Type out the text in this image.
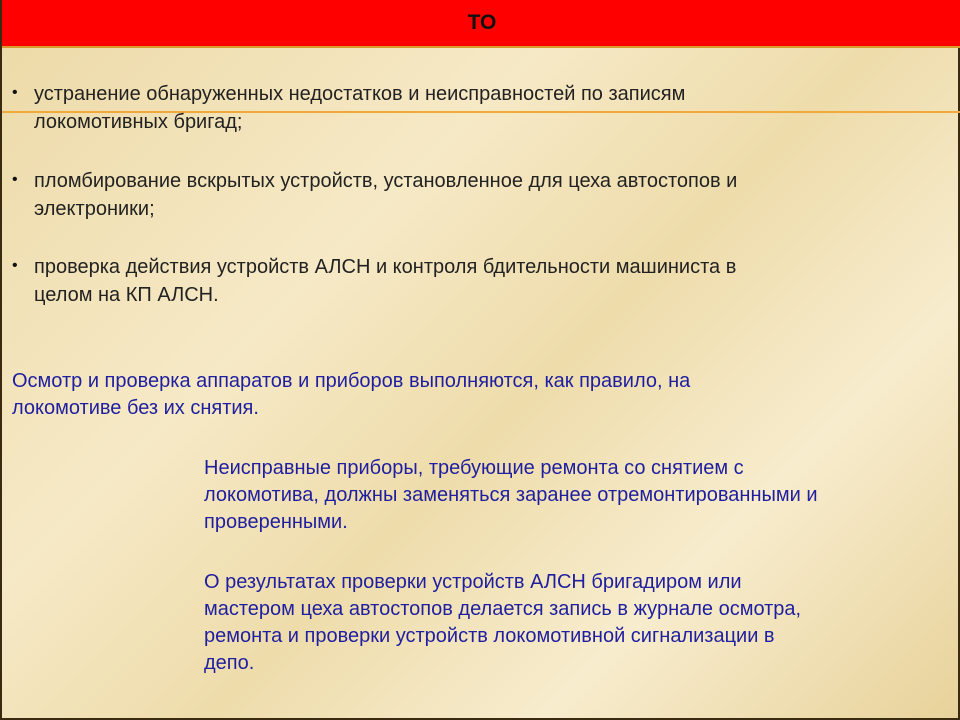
ТО
• устранение обнаруженных недостатков и неисправностей по записям
локомотивных бригад;
• пломбирование вскрытых устройств, установленное для цеха автостопов и
электроники;
• проверка действия устройств АЛСН и контроля бдительности машиниста в
целом на КП АЛСН.
Осмотр и проверка аппаратов и приборов выполняются, как правило, на
локомотиве без их снятия.
Неисправные приборы, требующие ремонта со снятием с
локомотива, должны заменяться заранее отремонтированными и
проверенными.
О результатах проверки устройств АЛСН бригадиром или
мастером цеха автостопов делается запись в журнале осмотра,
ремонта и проверки устройств локомотивной сигнализации в
депо.
